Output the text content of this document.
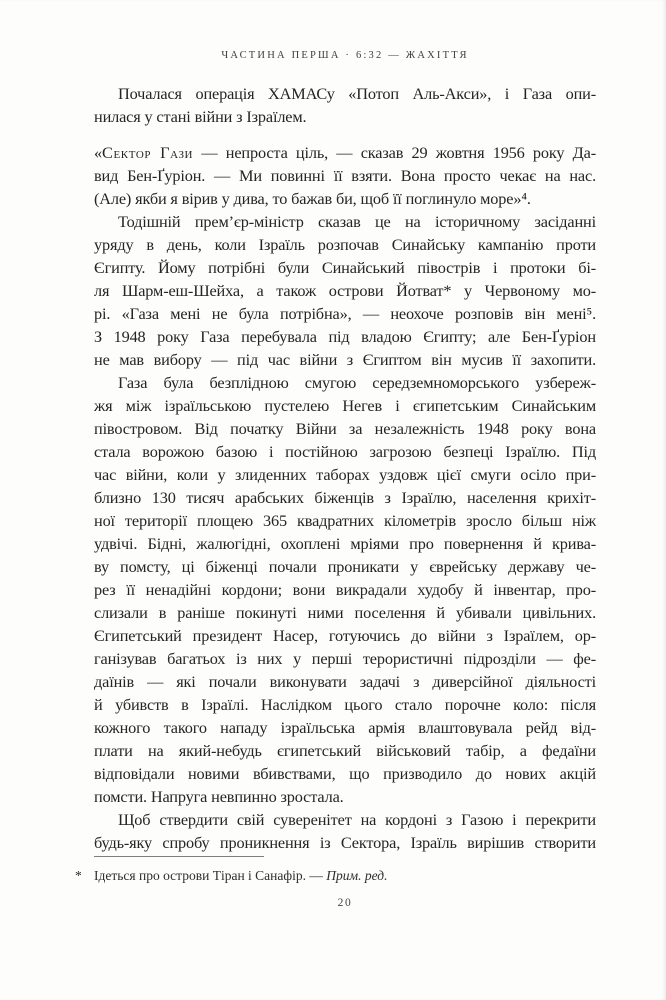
ЧАСТИНА ПЕРША · 6:32 — ЖАХІТТЯ
Почалася операція ХАМАСу «Потоп Аль-Акси», і Газа опи-
нилася у стані війни з Ізраїлем.
«Сектор Гази — непроста ціль, — сказав 29 жовтня 1956 року Да-
вид Бен-Ґуріон. — Ми повинні її взяти. Вона просто чекає на нас.
(Але) якби я вірив у дива, то бажав би, щоб її поглинуло море»⁴.
Тодішній прем’єр-міністр сказав це на історичному засіданні
уряду в день, коли Ізраїль розпочав Синайську кампанію проти
Єгипту. Йому потрібні були Синайський півострів і протоки бі-
ля Шарм-еш-Шейха, а також острови Йотват* у Червоному мо-
рі. «Газа мені не була потрібна», — неохоче розповів він мені⁵.
З 1948 року Газа перебувала під владою Єгипту; але Бен-Ґуріон
не мав вибору — під час війни з Єгиптом він мусив її захопити.
Газа була безплідною смугою середземноморського узбереж-
жя між ізраїльською пустелею Негев і єгипетським Синайським
півостровом. Від початку Війни за незалежність 1948 року вона
стала ворожою базою і постійною загрозою безпеці Ізраїлю. Під
час війни, коли у злиденних таборах уздовж цієї смуги осіло при-
близно 130 тисяч арабських біженців з Ізраїлю, населення крихіт-
ної території площею 365 квадратних кілометрів зросло більш ніж
удвічі. Бідні, жалюгідні, охоплені мріями про повернення й крива-
ву помсту, ці біженці почали проникати у єврейську державу че-
рез її ненадійні кордони; вони викрадали худобу й інвентар, про-
слизали в раніше покинуті ними поселення й убивали цивільних.
Єгипетський президент Насер, готуючись до війни з Ізраїлем, ор-
ганізував багатьох із них у перші терористичні підрозділи — фе-
даїнів — які почали виконувати задачі з диверсійної діяльності
й убивств в Ізраїлі. Наслідком цього стало порочне коло: після
кожного такого нападу ізраїльська армія влаштовувала рейд від-
плати на який-небудь єгипетський військовий табір, а федаїни
відповідали новими вбивствами, що призводило до нових акцій
помсти. Напруга невпинно зростала.
Щоб ствердити свій суверенітет на кордоні з Газою і перекрити
будь-яку спробу проникнення із Сектора, Ізраїль вирішив створити
* Ідеться про острови Тіран і Санафір. — Прим. ред.
20
